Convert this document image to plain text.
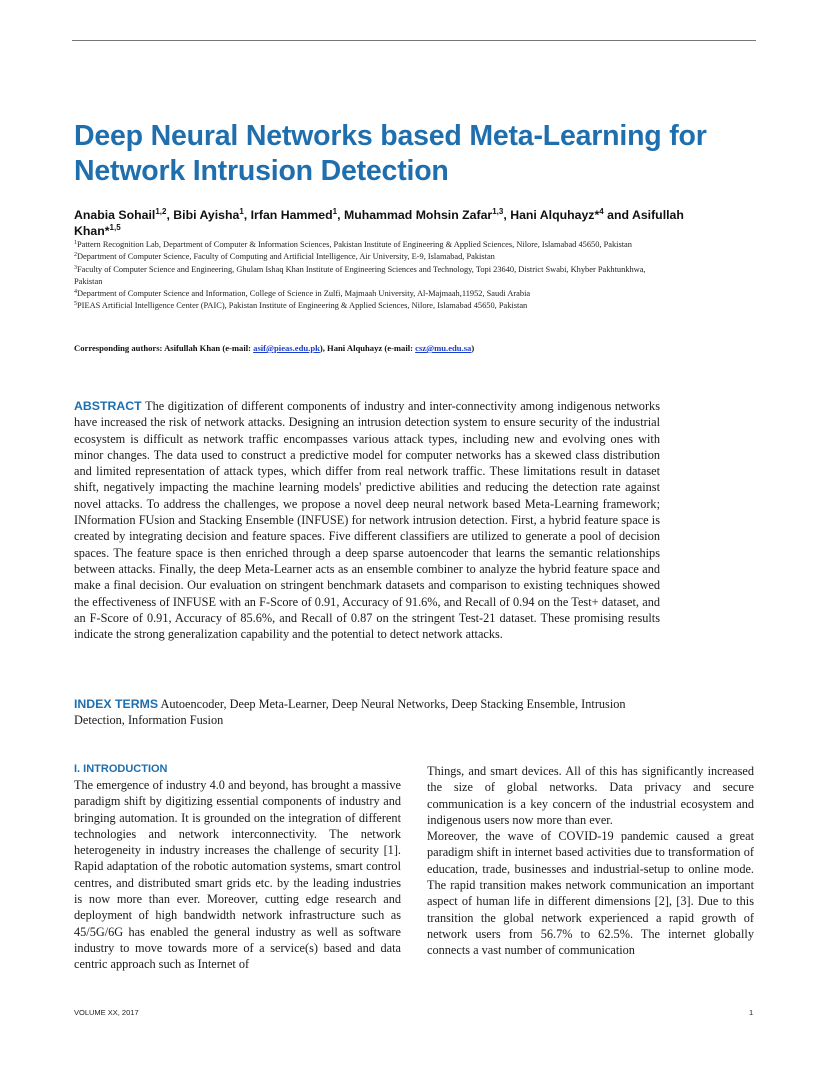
Deep Neural Networks based Meta-Learning for Network Intrusion Detection
Anabia Sohail$^{1,2}$, Bibi Ayisha$^1$, Irfan Hammed$^1$, Muhammad Mohsin Zafar$^{1,3}$, Hani Alquhayz*$^4$ and Asifullah Khan*$^{1,5}$
$^1$Pattern Recognition Lab, Department of Computer & Information Sciences, Pakistan Institute of Engineering & Applied Sciences, Nilore, Islamabad 45650, Pakistan
$^2$Department of Computer Science, Faculty of Computing and Artificial Intelligence, Air University, E-9, Islamabad, Pakistan
$^3$Faculty of Computer Science and Engineering, Ghulam Ishaq Khan Institute of Engineering Sciences and Technology, Topi 23640, District Swabi, Khyber Pakhtunkhwa, Pakistan
$^4$Department of Computer Science and Information, College of Science in Zulfi, Majmaah University, Al-Majmaah,11952, Saudi Arabia
$^5$PIEAS Artificial Intelligence Center (PAIC), Pakistan Institute of Engineering & Applied Sciences, Nilore, Islamabad 45650, Pakistan
Corresponding authors: Asifullah Khan (e-mail: asif@pieas.edu.pk), Hani Alquhayz (e-mail: csz@mu.edu.sa)
ABSTRACT The digitization of different components of industry and inter-connectivity among indigenous networks have increased the risk of network attacks. Designing an intrusion detection system to ensure security of the industrial ecosystem is difficult as network traffic encompasses various attack types, including new and evolving ones with minor changes. The data used to construct a predictive model for computer networks has a skewed class distribution and limited representation of attack types, which differ from real network traffic. These limitations result in dataset shift, negatively impacting the machine learning models' predictive abilities and reducing the detection rate against novel attacks. To address the challenges, we propose a novel deep neural network based Meta-Learning framework; INformation FUsion and Stacking Ensemble (INFUSE) for network intrusion detection. First, a hybrid feature space is created by integrating decision and feature spaces. Five different classifiers are utilized to generate a pool of decision spaces. The feature space is then enriched through a deep sparse autoencoder that learns the semantic relationships between attacks. Finally, the deep Meta-Learner acts as an ensemble combiner to analyze the hybrid feature space and make a final decision. Our evaluation on stringent benchmark datasets and comparison to existing techniques showed the effectiveness of INFUSE with an F-Score of 0.91, Accuracy of 91.6%, and Recall of 0.94 on the Test+ dataset, and an F-Score of 0.91, Accuracy of 85.6%, and Recall of 0.87 on the stringent Test-21 dataset. These promising results indicate the strong generalization capability and the potential to detect network attacks.
INDEX TERMS Autoencoder, Deep Meta-Learner, Deep Neural Networks, Deep Stacking Ensemble, Intrusion Detection, Information Fusion
I. INTRODUCTION

The emergence of industry 4.0 and beyond, has brought a massive paradigm shift by digitizing essential components of industry and bringing automation. It is grounded on the integration of different technologies and network interconnectivity. The network heterogeneity in industry increases the challenge of security [1]. Rapid adaptation of the robotic automation systems, smart control centres, and distributed smart grids etc. by the leading industries is now more than ever. Moreover, cutting edge research and deployment of high bandwidth network infrastructure such as 45/5G/6G has enabled the general industry as well as software industry to move towards more of a service(s) based and data centric approach such as Internet of

Things, and smart devices. All of this has significantly increased the size of global networks. Data privacy and secure communication is a key concern of the industrial ecosystem and indigenous users now more than ever.

Moreover, the wave of COVID-19 pandemic caused a great paradigm shift in internet based activities due to transformation of education, trade, businesses and industrial-setup to online mode. The rapid transition makes network communication an important aspect of human life in different dimensions [2], [3]. Due to this transition the global network experienced a rapid growth of network users from 56.7% to 62.5%. The internet globally connects a vast number of communication

VOLUME XX, 2017	1
